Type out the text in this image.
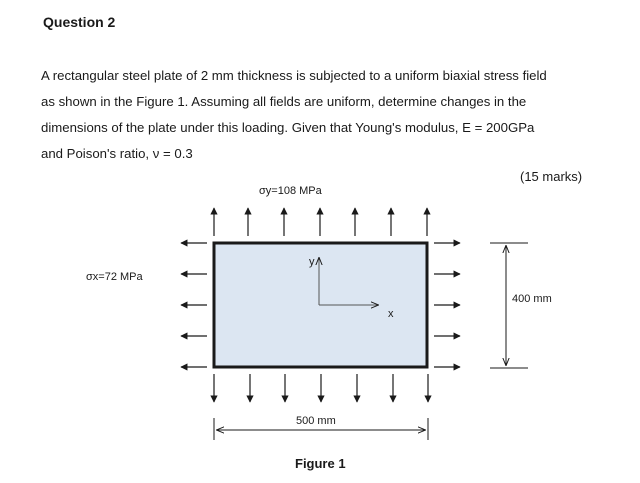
Question 2

A rectangular steel plate of 2 mm thickness is subjected to a uniform biaxial stress field
as shown in the Figure 1. Assuming all fields are uniform, determine changes in the
dimensions of the plate under this loading. Given that Young's modulus, E = 200GPa
and Poison's ratio, ν = 0.3

(15 marks)
y
x
σy=108 MPa
σx=72 MPa
400 mm
500 mm
Figure 1
